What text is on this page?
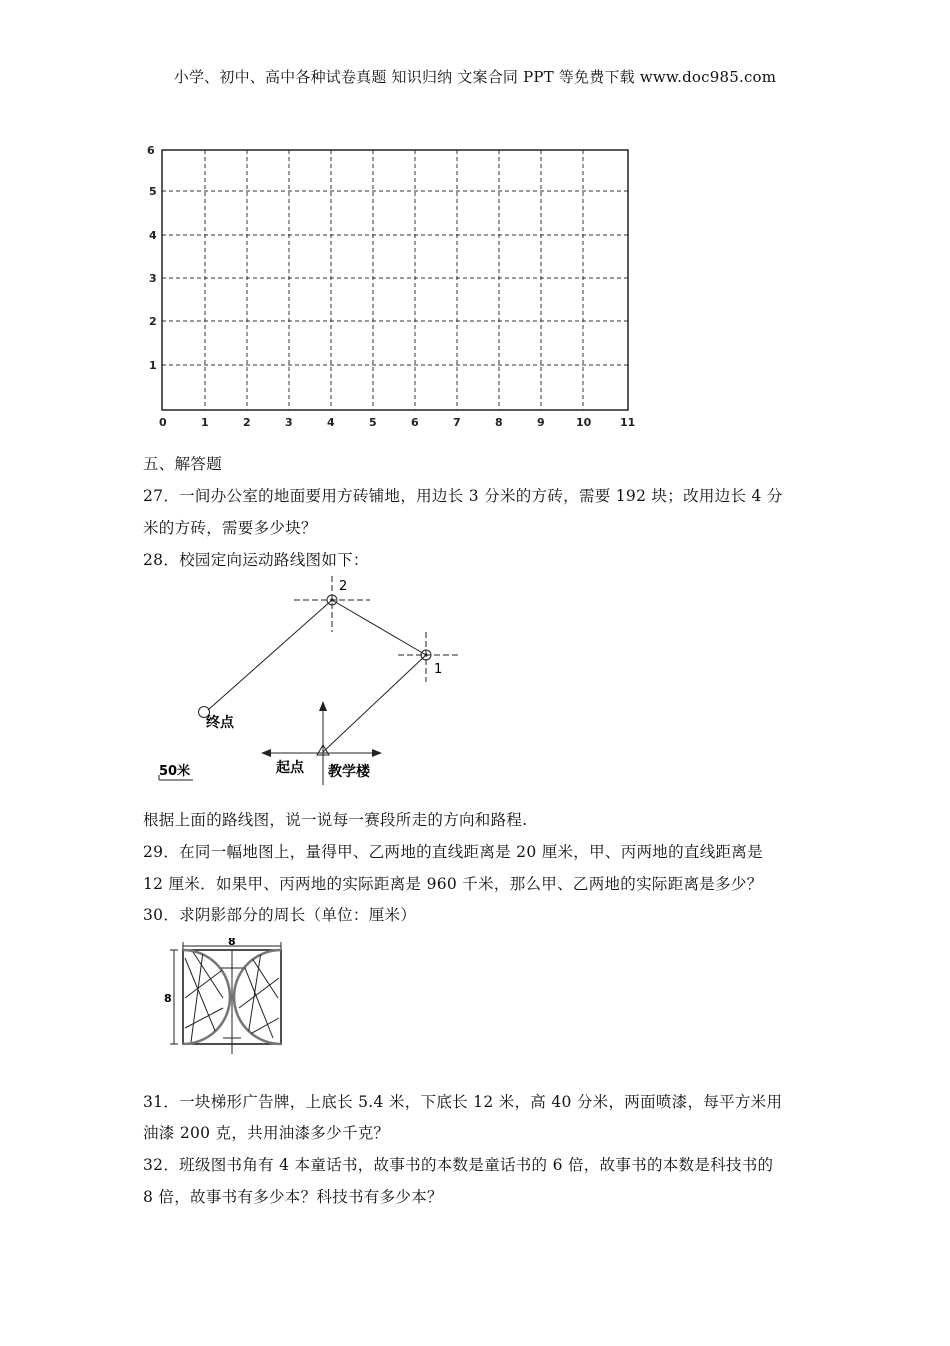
小学、初中、高中各种试卷真题 知识归纳 文案合同 PPT 等免费下载 www.doc985.com
6
5
4
3
2
1
0	1	2	3	4	5	6	7	8	9	10	11
五、解答题
27．一间办公室的地面要用方砖铺地，用边长 3 分米的方砖，需要 192 块；改用边长 4 分
米的方砖，需要多少块？
28．校园定向运动路线图如下：
2
1
终点
起点 教学楼
50米
根据上面的路线图，说一说每一赛段所走的方向和路程.
29．在同一幅地图上，量得甲、乙两地的直线距离是 20 厘米，甲、丙两地的直线距离是
12 厘米．如果甲、丙两地的实际距离是 960 千米，那么甲、乙两地的实际距离是多少？
30．求阴影部分的周长（单位：厘米）
8
8
31．一块梯形广告牌，上底长 5.4 米，下底长 12 米，高 40 分米，两面喷漆，每平方米用
油漆 200 克，共用油漆多少千克？
32．班级图书角有 4 本童话书，故事书的本数是童话书的 6 倍，故事书的本数是科技书的
8 倍，故事书有多少本？科技书有多少本？
